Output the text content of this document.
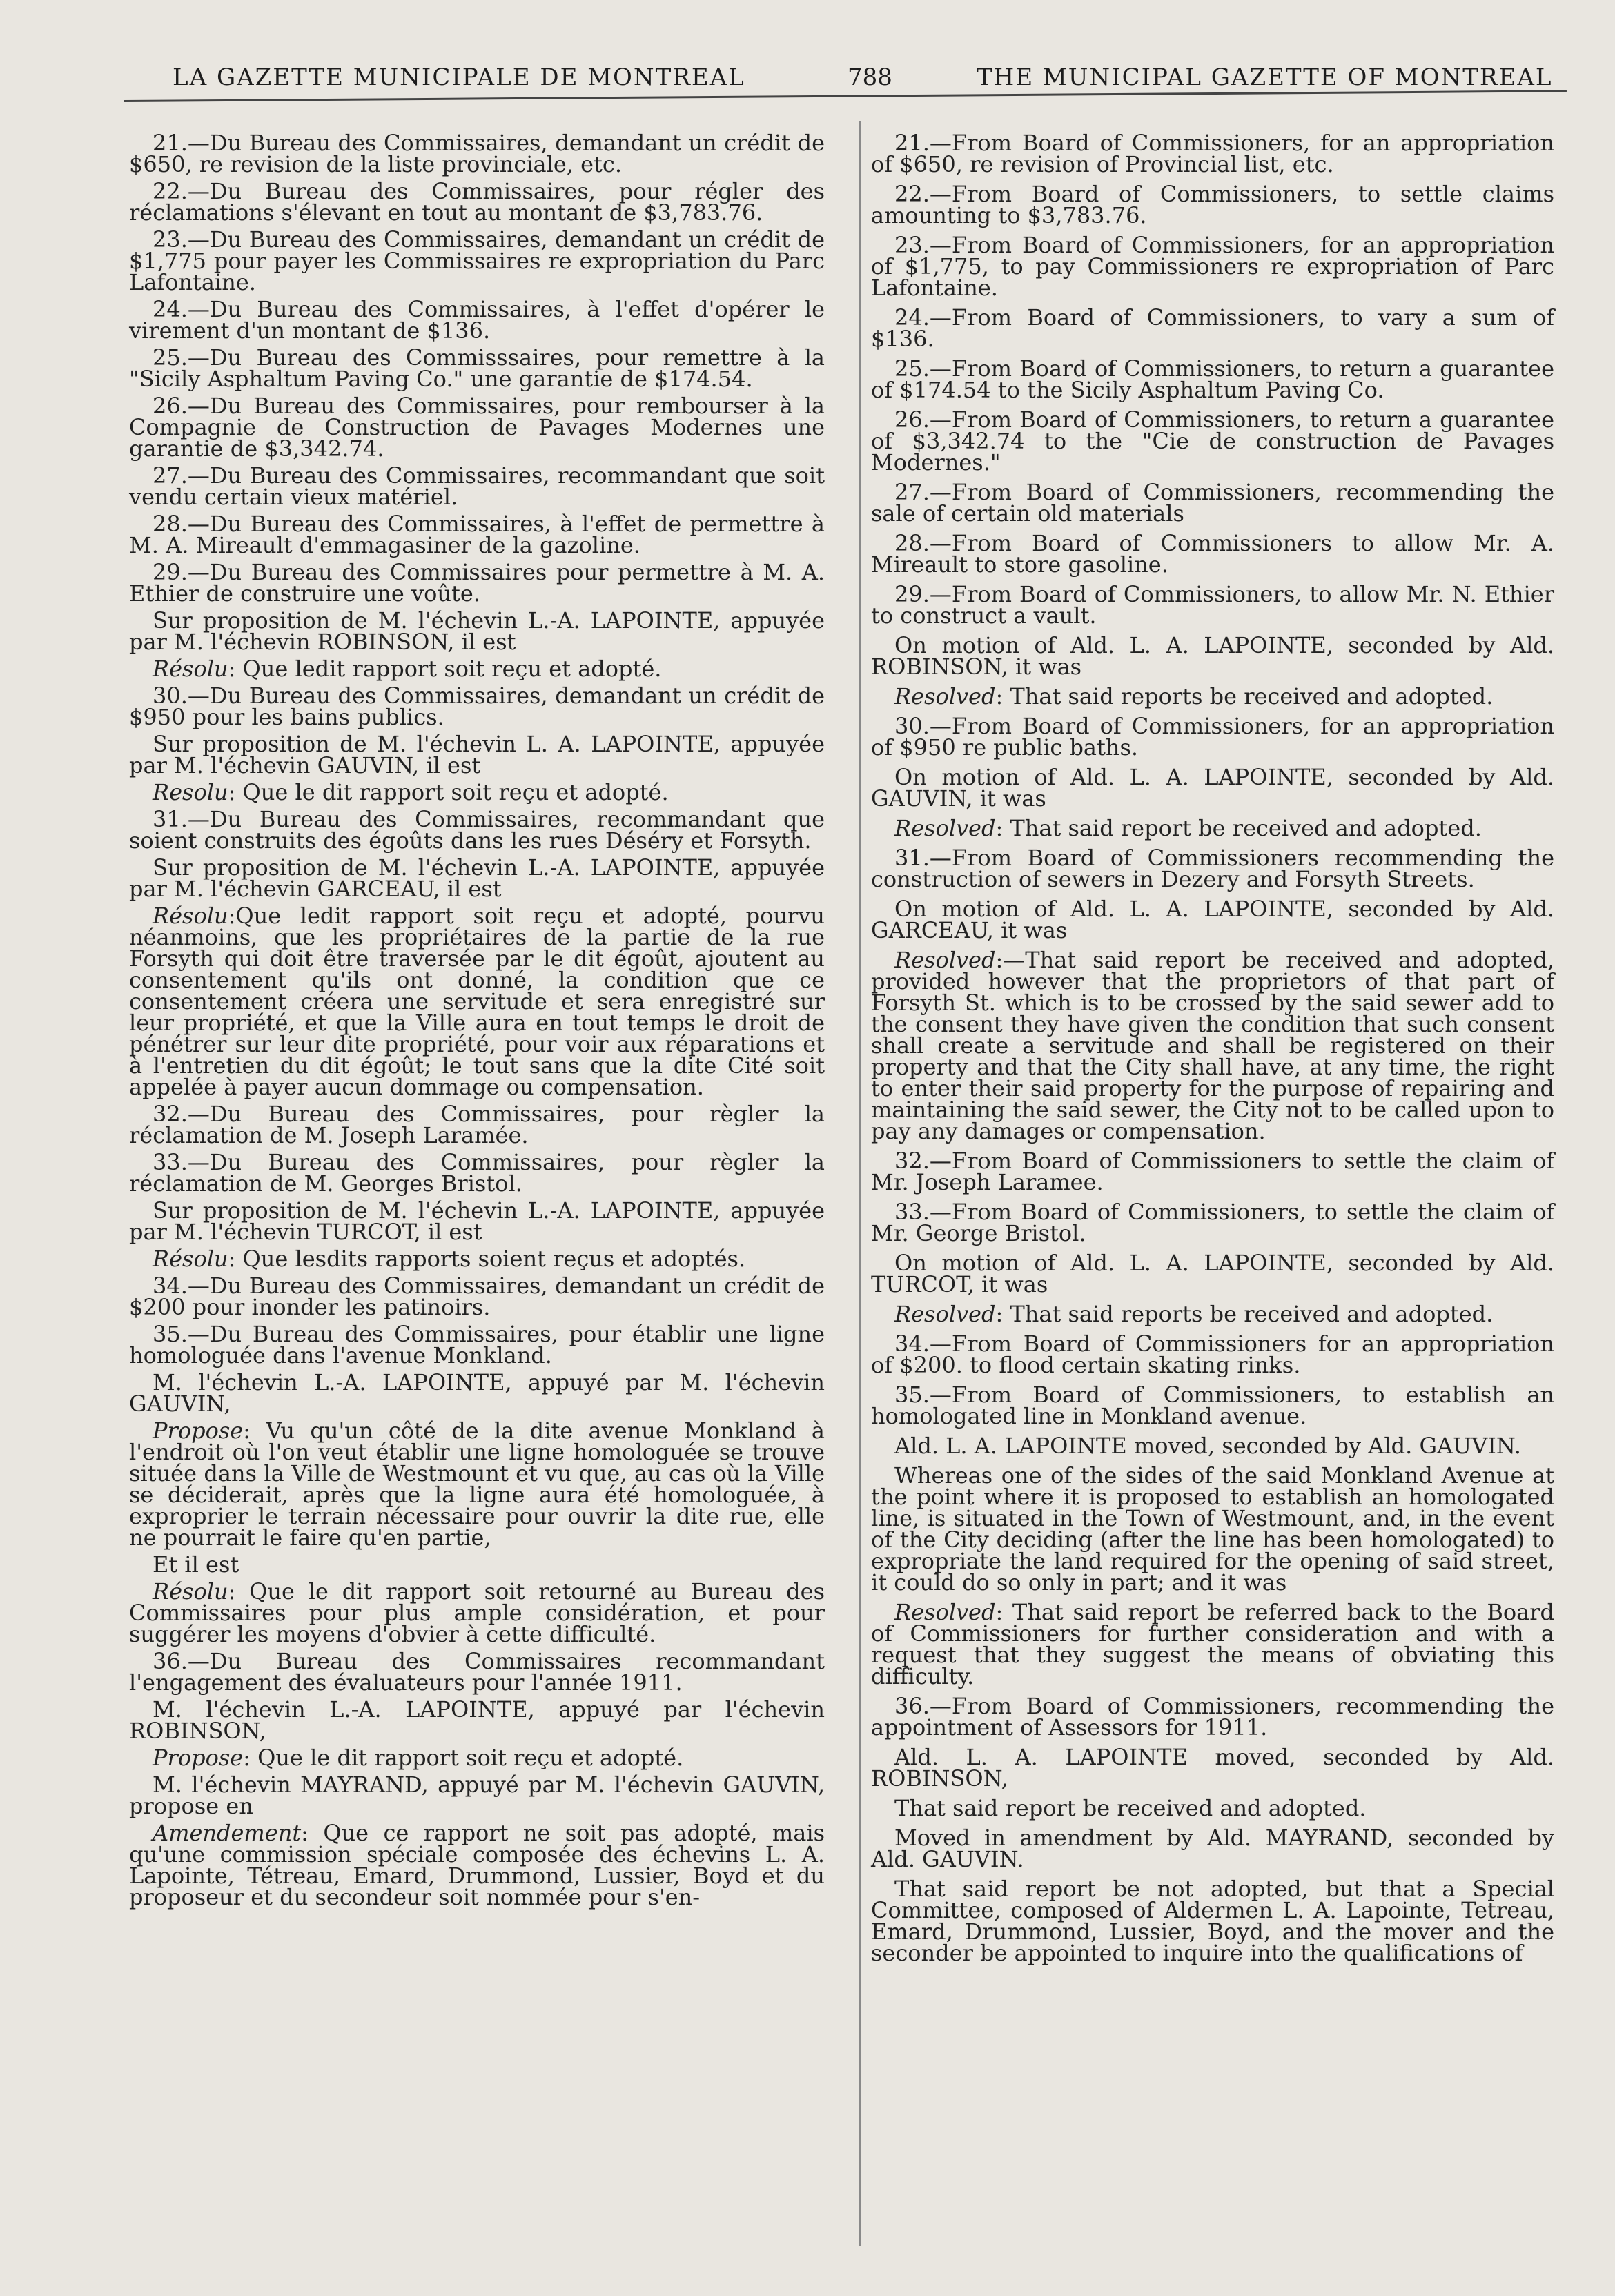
LA GAZETTE MUNICIPALE DE MONTREAL	788	THE MUNICIPAL GAZETTE OF MONTREAL

21.—Du Bureau des Commissaires, demandant un crédit de $650, re revision de la liste provinciale, etc.

22.—Du Bureau des Commissaires, pour régler des réclamations s'élevant en tout au montant de $3,783.76.

23.—Du Bureau des Commissaires, demandant un crédit de $1,775 pour payer les Commissaires re expropriation du Parc Lafontaine.

24.—Du Bureau des Commissaires, à l'effet d'opérer le virement d'un montant de $136.

25.—Du Bureau des Commisssaires, pour remettre à la "Sicily Asphaltum Paving Co." une garantie de $174.54.

26.—Du Bureau des Commissaires, pour rembourser à la Compagnie de Construction de Pavages Modernes une garantie de $3,342.74.

27.—Du Bureau des Commissaires, recommandant que soit vendu certain vieux matériel.

28.—Du Bureau des Commissaires, à l'effet de permettre à M. A. Mireault d'emmagasiner de la gazoline.

29.—Du Bureau des Commissaires pour permettre à M. A. Ethier de construire une voûte.

Sur proposition de M. l'échevin L.-A. LAPOINTE, appuyée par M. l'échevin ROBINSON, il est

Résolu: Que ledit rapport soit reçu et adopté.

30.—Du Bureau des Commissaires, demandant un crédit de $950 pour les bains publics.

Sur proposition de M. l'échevin L. A. LAPOINTE, appuyée par M. l'échevin GAUVIN, il est

Resolu: Que le dit rapport soit reçu et adopté.

31.—Du Bureau des Commissaires, recommandant que soient construits des égoûts dans les rues Déséry et Forsyth.

Sur proposition de M. l'échevin L.-A. LAPOINTE, appuyée par M. l'échevin GARCEAU, il est

Résolu:Que ledit rapport soit reçu et adopté, pourvu néanmoins, que les propriétaires de la partie de la rue Forsyth qui doit être traversée par le dit égoût, ajoutent au consentement qu'ils ont donné, la condition que ce consentement créera une servitude et sera enregistré sur leur propriété, et que la Ville aura en tout temps le droit de pénétrer sur leur dite propriété, pour voir aux réparations et à l'entretien du dit égoût; le tout sans que la dite Cité soit appelée à payer aucun dommage ou compensation.

32.—Du Bureau des Commissaires, pour règler la réclamation de M. Joseph Laramée.

33.—Du Bureau des Commissaires, pour règler la réclamation de M. Georges Bristol.

Sur proposition de M. l'échevin L.-A. LAPOINTE, appuyée par M. l'échevin TURCOT, il est

Résolu: Que lesdits rapports soient reçus et adoptés.

34.—Du Bureau des Commissaires, demandant un crédit de $200 pour inonder les patinoirs.

35.—Du Bureau des Commissaires, pour établir une ligne homologuée dans l'avenue Monkland.

M. l'échevin L.-A. LAPOINTE, appuyé par M. l'échevin GAUVIN,

Propose: Vu qu'un côté de la dite avenue Monkland à l'endroit où l'on veut établir une ligne homologuée se trouve située dans la Ville de Westmount et vu que, au cas où la Ville se déciderait, après que la ligne aura été homologuée, à exproprier le terrain nécessaire pour ouvrir la dite rue, elle ne pourrait le faire qu'en partie,

Et il est

Résolu: Que le dit rapport soit retourné au Bureau des Commissaires pour plus ample considération, et pour suggérer les moyens d'obvier à cette difficulté.

36.—Du Bureau des Commissaires recommandant l'engagement des évaluateurs pour l'année 1911.

M. l'échevin L.-A. LAPOINTE, appuyé par l'échevin ROBINSON,

Propose: Que le dit rapport soit reçu et adopté.

M. l'échevin MAYRAND, appuyé par M. l'échevin GAUVIN, propose en

Amendement: Que ce rapport ne soit pas adopté, mais qu'une commission spéciale composée des échevins L. A. Lapointe, Tétreau, Emard, Drummond, Lussier, Boyd et du proposeur et du secondeur soit nommée pour s'en-

21.—From Board of Commissioners, for an appropriation of $650, re revision of Provincial list, etc.

22.—From Board of Commissioners, to settle claims amounting to $3,783.76.

23.—From Board of Commissioners, for an appropriation of $1,775, to pay Commissioners re expropriation of Parc Lafontaine.

24.—From Board of Commissioners, to vary a sum of $136.

25.—From Board of Commissioners, to return a guarantee of $174.54 to the Sicily Asphaltum Paving Co.

26.—From Board of Commissioners, to return a guarantee of $3,342.74 to the "Cie de construction de Pavages Modernes."

27.—From Board of Commissioners, recommending the sale of certain old materials

28.—From Board of Commissioners to allow Mr. A. Mireault to store gasoline.

29.—From Board of Commissioners, to allow Mr. N. Ethier to construct a vault.

On motion of Ald. L. A. LAPOINTE, seconded by Ald. ROBINSON, it was

Resolved: That said reports be received and adopted.

30.—From Board of Commissioners, for an appropriation of $950 re public baths.

On motion of Ald. L. A. LAPOINTE, seconded by Ald. GAUVIN, it was

Resolved: That said report be received and adopted.

31.—From Board of Commissioners recommending the construction of sewers in Dezery and Forsyth Streets.

On motion of Ald. L. A. LAPOINTE, seconded by Ald. GARCEAU, it was

Resolved:—That said report be received and adopted, provided however that the proprietors of that part of Forsyth St. which is to be crossed by the said sewer add to the consent they have given the condition that such consent shall create a servitude and shall be registered on their property and that the City shall have, at any time, the right to enter their said property for the purpose of repairing and maintaining the said sewer, the City not to be called upon to pay any damages or compensation.

32.—From Board of Commissioners to settle the claim of Mr. Joseph Laramee.

33.—From Board of Commissioners, to settle the claim of Mr. George Bristol.

On motion of Ald. L. A. LAPOINTE, seconded by Ald. TURCOT, it was

Resolved: That said reports be received and adopted.

34.—From Board of Commissioners for an appropriation of $200. to flood certain skating rinks.

35.—From Board of Commissioners, to establish an homologated line in Monkland avenue.

Ald. L. A. LAPOINTE moved, seconded by Ald. GAUVIN.

Whereas one of the sides of the said Monkland Avenue at the point where it is proposed to establish an homologated line, is situated in the Town of Westmount, and, in the event of the City deciding (after the line has been homologated) to expropriate the land required for the opening of said street, it could do so only in part; and it was

Resolved: That said report be referred back to the Board of Commissioners for further consideration and with a request that they suggest the means of obviating this difficulty.

36.—From Board of Commissioners, recommending the appointment of Assessors for 1911.

Ald. L. A. LAPOINTE moved, seconded by Ald. ROBINSON,

That said report be received and adopted.

Moved in amendment by Ald. MAYRAND, seconded by Ald. GAUVIN.

That said report be not adopted, but that a Special Committee, composed of Aldermen L. A. Lapointe, Tetreau, Emard, Drummond, Lussier, Boyd, and the mover and the seconder be appointed to inquire into the qualifications of
